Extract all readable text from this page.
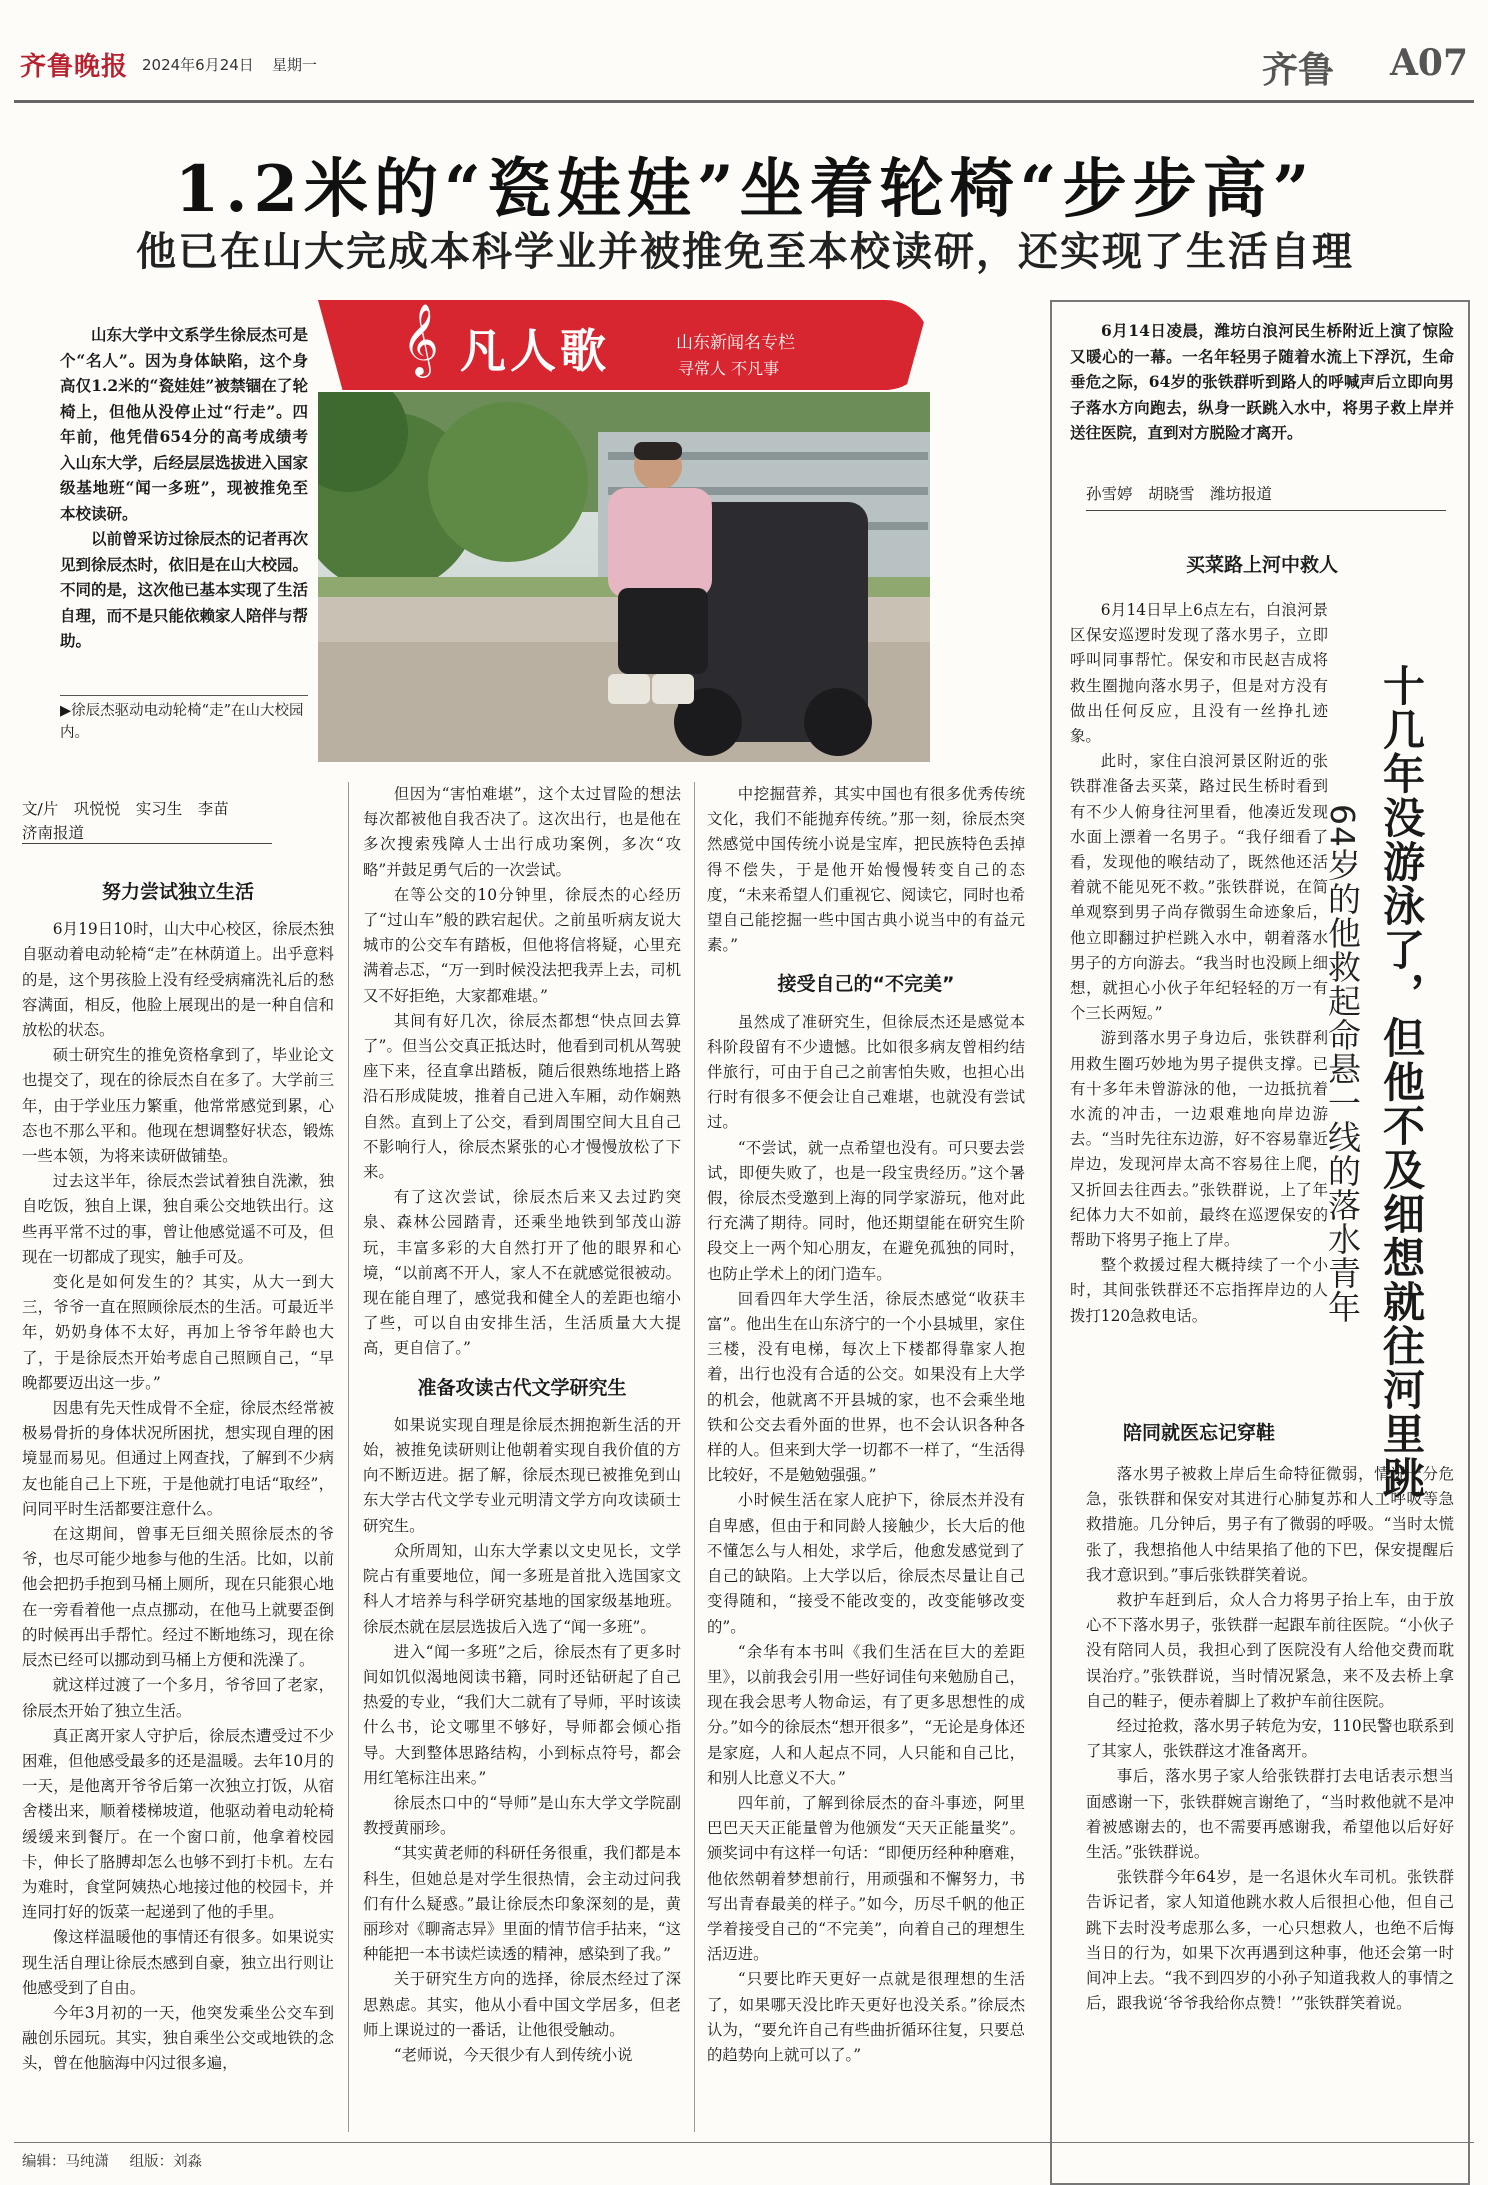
齐鲁晚报 2024年6月24日 星期一	齐鲁 A07
1.2米的“瓷娃娃”坐着轮椅“步步高”
他已在山大完成本科学业并被推免至本校读研，还实现了生活自理

山东大学中文系学生徐辰杰可是个“名人”。因为身体缺陷，这个身高仅1.2米的“瓷娃娃”被禁锢在了轮椅上，但他从没停止过“行走”。四年前，他凭借654分的高考成绩考入山东大学，后经层层选拔进入国家级基地班“闻一多班”，现被推免至本校读研。

以前曾采访过徐辰杰的记者再次见到徐辰杰时，依旧是在山大校园。不同的是，这次他已基本实现了生活自理，而不是只能依赖家人陪伴与帮助。

𝄞 凡人歌	山东新闻名专栏
寻常人 不凡事
▶徐辰杰驱动电动轮椅“走”在山大校园内。
文/片　巩悦悦　实习生　李苗
济南报道
努力尝试独立生活

6月19日10时，山大中心校区，徐辰杰独自驱动着电动轮椅“走”在林荫道上。出乎意料的是，这个男孩脸上没有经受病痛洗礼后的愁容满面，相反，他脸上展现出的是一种自信和放松的状态。

硕士研究生的推免资格拿到了，毕业论文也提交了，现在的徐辰杰自在多了。大学前三年，由于学业压力繁重，他常常感觉到累，心态也不那么平和。他现在想调整好状态，锻炼一些本领，为将来读研做铺垫。

过去这半年，徐辰杰尝试着独自洗漱，独自吃饭，独自上课，独自乘公交地铁出行。这些再平常不过的事，曾让他感觉遥不可及，但现在一切都成了现实，触手可及。

变化是如何发生的？其实，从大一到大三，爷爷一直在照顾徐辰杰的生活。可最近半年，奶奶身体不太好，再加上爷爷年龄也大了，于是徐辰杰开始考虑自己照顾自己，“早晚都要迈出这一步。”

因患有先天性成骨不全症，徐辰杰经常被极易骨折的身体状况所困扰，想实现自理的困境显而易见。但通过上网查找，了解到不少病友也能自己上下班，于是他就打电话“取经”，问同平时生活都要注意什么。

在这期间，曾事无巨细关照徐辰杰的爷爷，也尽可能少地参与他的生活。比如，以前他会把扔手抱到马桶上厕所，现在只能狠心地在一旁看着他一点点挪动，在他马上就要歪倒的时候再出手帮忙。经过不断地练习，现在徐辰杰已经可以挪动到马桶上方便和洗澡了。

就这样过渡了一个多月，爷爷回了老家，徐辰杰开始了独立生活。

真正离开家人守护后，徐辰杰遭受过不少困难，但他感受最多的还是温暖。去年10月的一天，是他离开爷爷后第一次独立打饭，从宿舍楼出来，顺着楼梯坡道，他驱动着电动轮椅缓缓来到餐厅。在一个窗口前，他拿着校园卡，伸长了胳膊却怎么也够不到打卡机。左右为难时，食堂阿姨热心地接过他的校园卡，并连同打好的饭菜一起递到了他的手里。

像这样温暖他的事情还有很多。如果说实现生活自理让徐辰杰感到自豪，独立出行则让他感受到了自由。

今年3月初的一天，他突发乘坐公交车到融创乐园玩。其实，独自乘坐公交或地铁的念头，曾在他脑海中闪过很多遍，

但因为“害怕难堪”，这个太过冒险的想法每次都被他自我否决了。这次出行，也是他在多次搜索残障人士出行成功案例，多次“攻略”并鼓足勇气后的一次尝试。

在等公交的10分钟里，徐辰杰的心经历了“过山车”般的跌宕起伏。之前虽听病友说大城市的公交车有踏板，但他将信将疑，心里充满着忐忑，“万一到时候没法把我弄上去，司机又不好拒绝，大家都难堪。”

其间有好几次，徐辰杰都想“快点回去算了”。但当公交真正抵达时，他看到司机从驾驶座下来，径直拿出踏板，随后很熟练地搭上路沿石形成陡坡，推着自己进入车厢，动作娴熟自然。直到上了公交，看到周围空间大且自己不影响行人，徐辰杰紧张的心才慢慢放松了下来。

有了这次尝试，徐辰杰后来又去过趵突泉、森林公园踏青，还乘坐地铁到邹茂山游玩，丰富多彩的大自然打开了他的眼界和心境，“以前离不开人，家人不在就感觉很被动。现在能自理了，感觉我和健全人的差距也缩小了些，可以自由安排生活，生活质量大大提高，更自信了。”

准备攻读古代文学研究生

如果说实现自理是徐辰杰拥抱新生活的开始，被推免读研则让他朝着实现自我价值的方向不断迈进。据了解，徐辰杰现已被推免到山东大学古代文学专业元明清文学方向攻读硕士研究生。

众所周知，山东大学素以文史见长，文学院占有重要地位，闻一多班是首批入选国家文科人才培养与科学研究基地的国家级基地班。徐辰杰就在层层选拔后入选了“闻一多班”。

进入“闻一多班”之后，徐辰杰有了更多时间如饥似渴地阅读书籍，同时还钻研起了自己热爱的专业，“我们大二就有了导师，平时该读什么书，论文哪里不够好，导师都会倾心指导。大到整体思路结构，小到标点符号，都会用红笔标注出来。”

徐辰杰口中的“导师”是山东大学文学院副教授黄丽珍。

“其实黄老师的科研任务很重，我们都是本科生，但她总是对学生很热情，会主动过问我们有什么疑惑。”最让徐辰杰印象深刻的是，黄丽珍对《聊斋志异》里面的情节信手拈来，“这种能把一本书读烂读透的精神，感染到了我。”

关于研究生方向的选择，徐辰杰经过了深思熟虑。其实，他从小看中国文学居多，但老师上课说过的一番话，让他很受触动。

“老师说，今天很少有人到传统小说

中挖掘营养，其实中国也有很多优秀传统文化，我们不能抛弃传统。”那一刻，徐辰杰突然感觉中国传统小说是宝库，把民族特色丢掉得不偿失，于是他开始慢慢转变自己的态度，“未来希望人们重视它、阅读它，同时也希望自己能挖掘一些中国古典小说当中的有益元素。”

接受自己的“不完美”

虽然成了准研究生，但徐辰杰还是感觉本科阶段留有不少遗憾。比如很多病友曾相约结伴旅行，可由于自己之前害怕失败，也担心出行时有很多不便会让自己难堪，也就没有尝试过。

“不尝试，就一点希望也没有。可只要去尝试，即便失败了，也是一段宝贵经历。”这个暑假，徐辰杰受邀到上海的同学家游玩，他对此行充满了期待。同时，他还期望能在研究生阶段交上一两个知心朋友，在避免孤独的同时，也防止学术上的闭门造车。

回看四年大学生活，徐辰杰感觉“收获丰富”。他出生在山东济宁的一个小县城里，家住三楼，没有电梯，每次上下楼都得靠家人抱着，出行也没有合适的公交。如果没有上大学的机会，他就离不开县城的家，也不会乘坐地铁和公交去看外面的世界，也不会认识各种各样的人。但来到大学一切都不一样了，“生活得比较好，不是勉勉强强。”

小时候生活在家人庇护下，徐辰杰并没有自卑感，但由于和同龄人接触少，长大后的他不懂怎么与人相处，求学后，他愈发感觉到了自己的缺陷。上大学以后，徐辰杰尽量让自己变得随和，“接受不能改变的，改变能够改变的”。

“余华有本书叫《我们生活在巨大的差距里》，以前我会引用一些好词佳句来勉励自己，现在我会思考人物命运，有了更多思想性的成分。”如今的徐辰杰“想开很多”，“无论是身体还是家庭，人和人起点不同，人只能和自己比，和别人比意义不大。”

四年前，了解到徐辰杰的奋斗事迹，阿里巴巴天天正能量曾为他颁发“天天正能量奖”。颁奖词中有这样一句话：“即便历经种种磨难，他依然朝着梦想前行，用顽强和不懈努力，书写出青春最美的样子。”如今，历尽千帆的他正学着接受自己的“不完美”，向着自己的理想生活迈进。

“只要比昨天更好一点就是很理想的生活了，如果哪天没比昨天更好也没关系。”徐辰杰认为，“要允许自己有些曲折循环往复，只要总的趋势向上就可以了。”

6月14日凌晨，潍坊白浪河民生桥附近上演了惊险又暖心的一幕。一名年轻男子随着水流上下浮沉，生命垂危之际，64岁的张铁群听到路人的呼喊声后立即向男子落水方向跑去，纵身一跃跳入水中，将男子救上岸并送往医院，直到对方脱险才离开。

孙雪婷　胡晓雪　潍坊报道
买菜路上河中救人

6月14日早上6点左右，白浪河景区保安巡逻时发现了落水男子，立即呼叫同事帮忙。保安和市民赵吉成将救生圈抛向落水男子，但是对方没有做出任何反应，且没有一丝挣扎迹象。

此时，家住白浪河景区附近的张铁群准备去买菜，路过民生桥时看到有不少人俯身往河里看，他凑近发现水面上漂着一名男子。“我仔细看了看，发现他的喉结动了，既然他还活着就不能见死不救。”张铁群说，在简单观察到男子尚存微弱生命迹象后，他立即翻过护栏跳入水中，朝着落水男子的方向游去。“我当时也没顾上细想，就担心小伙子年纪轻轻的万一有个三长两短。”

游到落水男子身边后，张铁群利用救生圈巧妙地为男子提供支撑。已有十多年未曾游泳的他，一边抵抗着水流的冲击，一边艰难地向岸边游去。“当时先往东边游，好不容易靠近岸边，发现河岸太高不容易往上爬，又折回去往西去。”张铁群说，上了年纪体力大不如前，最终在巡逻保安的帮助下将男子拖上了岸。

整个救援过程大概持续了一个小时，其间张铁群还不忘指挥岸边的人拨打120急救电话。	十几年没游泳了，但他不及细想就往河里跳
64岁的他救起命悬一线的落水青年
陪同就医忘记穿鞋

落水男子被救上岸后生命特征微弱，情况十分危急，张铁群和保安对其进行心肺复苏和人工呼吸等急救措施。几分钟后，男子有了微弱的呼吸。“当时太慌张了，我想掐他人中结果掐了他的下巴，保安提醒后我才意识到。”事后张铁群笑着说。

救护车赶到后，众人合力将男子抬上车，由于放心不下落水男子，张铁群一起跟车前往医院。“小伙子没有陪同人员，我担心到了医院没有人给他交费而耽误治疗。”张铁群说，当时情况紧急，来不及去桥上拿自己的鞋子，便赤着脚上了救护车前往医院。

经过抢救，落水男子转危为安，110民警也联系到了其家人，张铁群这才准备离开。

事后，落水男子家人给张铁群打去电话表示想当面感谢一下，张铁群婉言谢绝了，“当时救他就不是冲着被感谢去的，也不需要再感谢我，希望他以后好好生活。”张铁群说。

张铁群今年64岁，是一名退休火车司机。张铁群告诉记者，家人知道他跳水救人后很担心他，但自己跳下去时没考虑那么多，一心只想救人，也绝不后悔当日的行为，如果下次再遇到这种事，他还会第一时间冲上去。“我不到四岁的小孙子知道我救人的事情之后，跟我说‘爷爷我给你点赞！’”张铁群笑着说。

编辑：马纯潇 组版：刘淼
